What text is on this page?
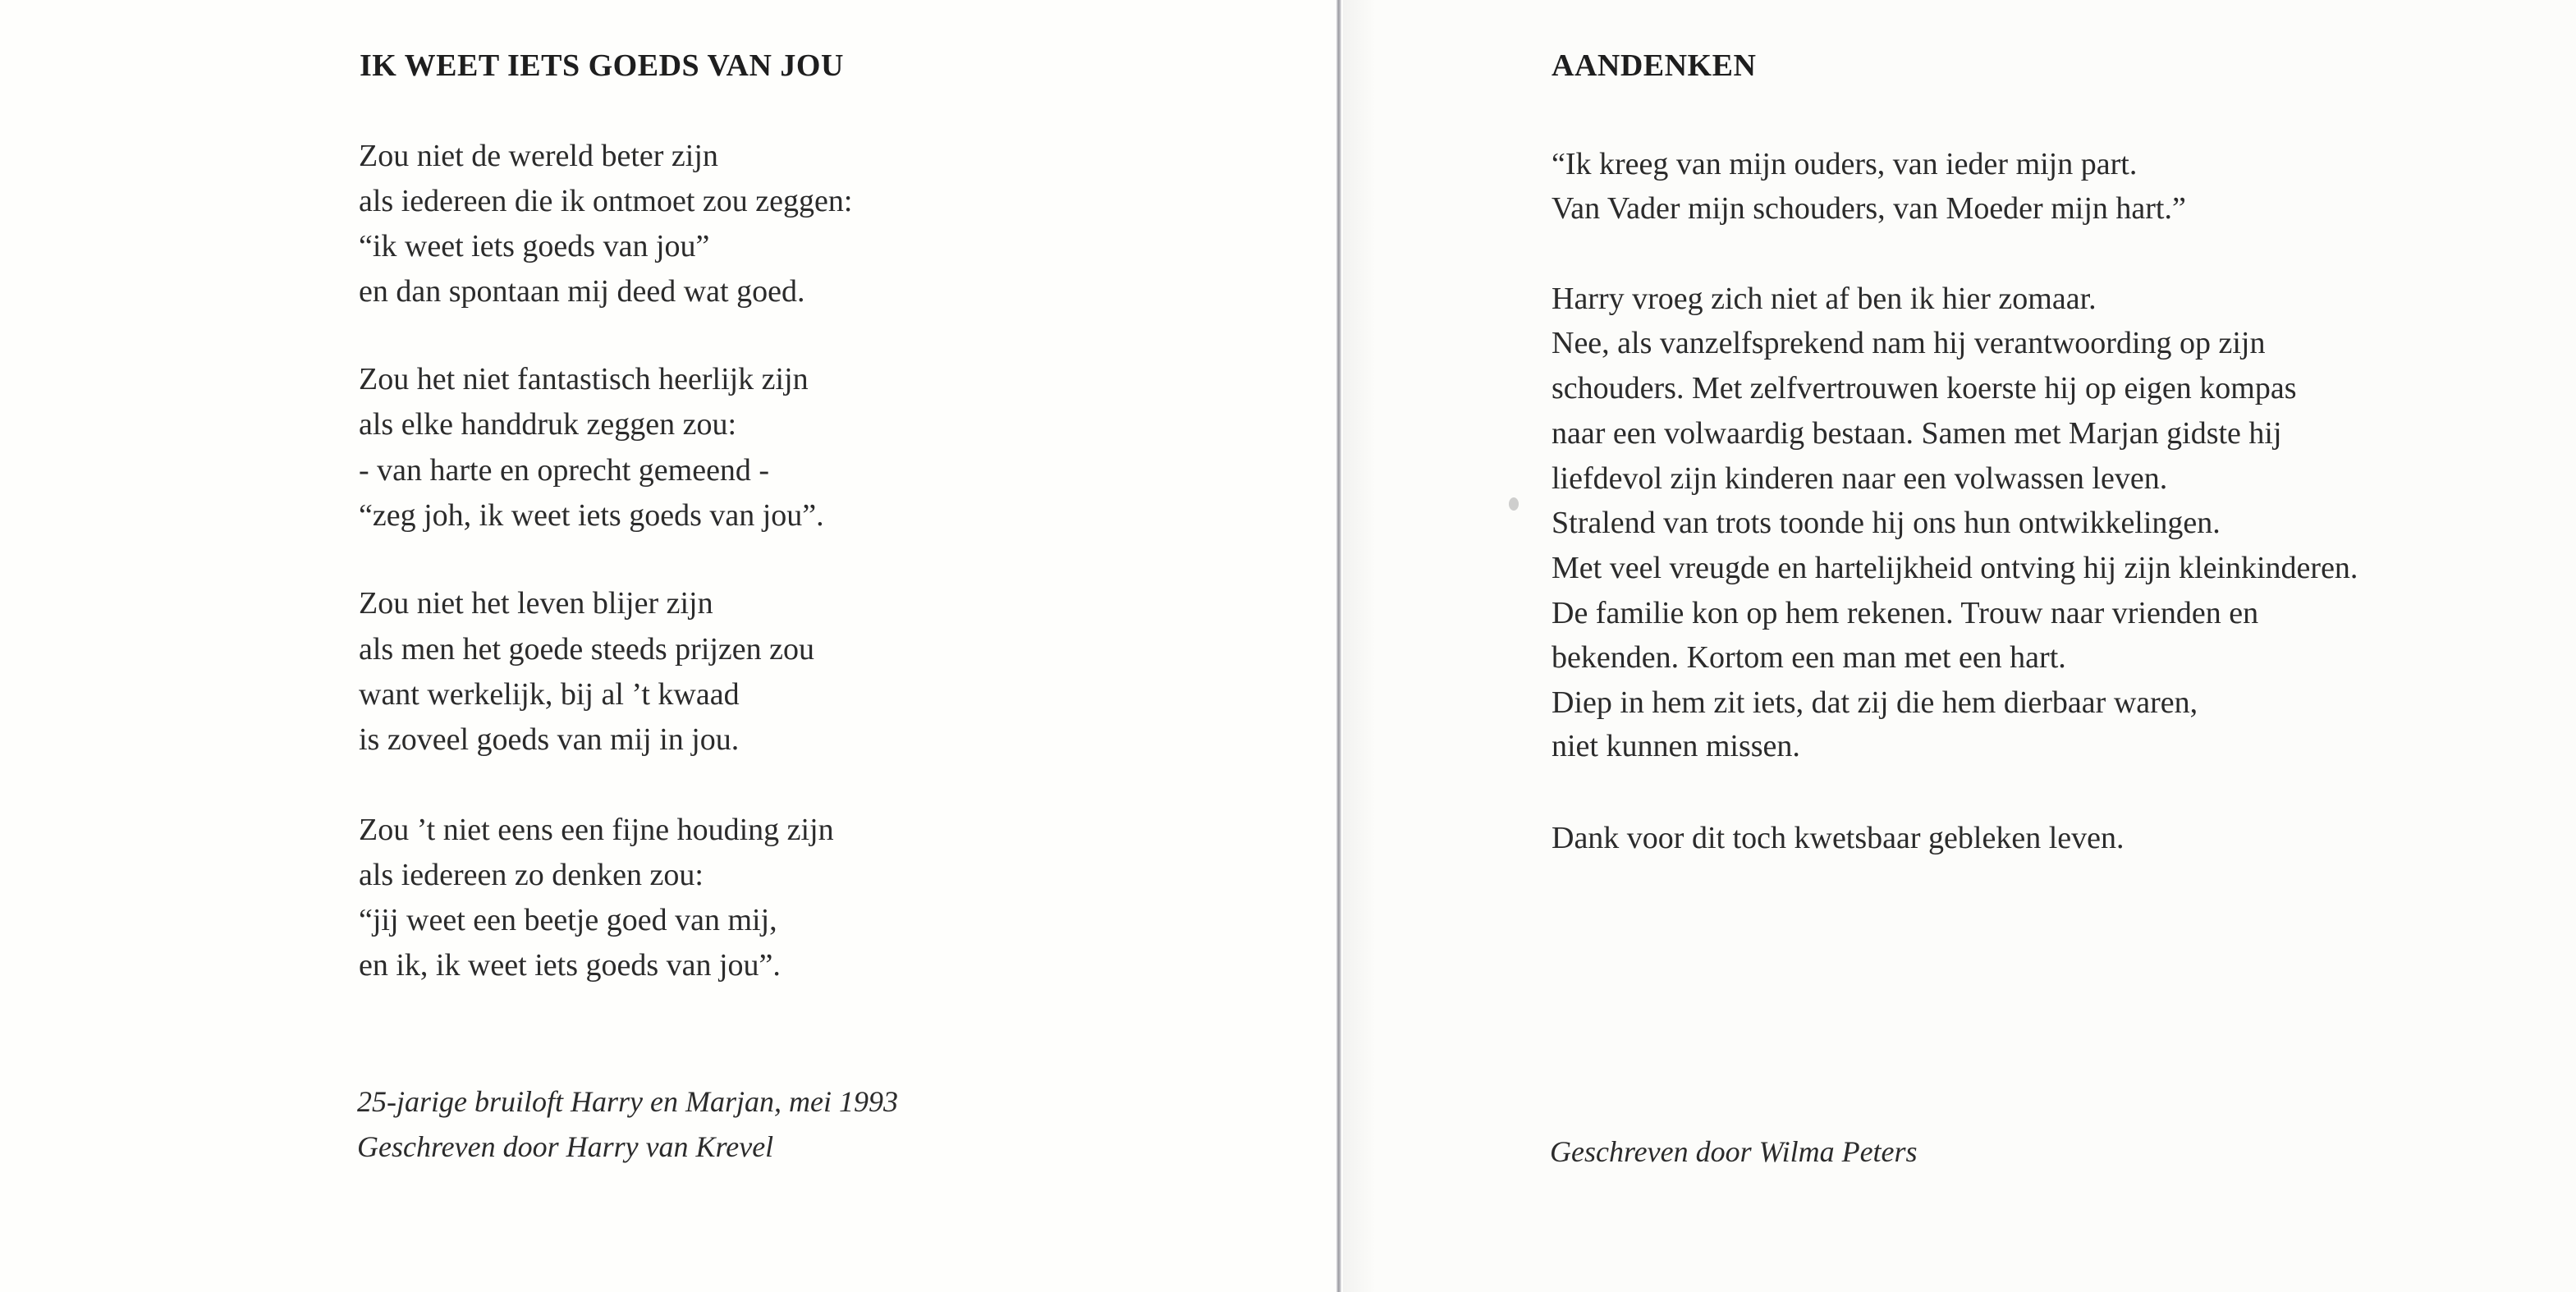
IK WEET IETS GOEDS VAN JOU
Zou niet de wereld beter zijn
als iedereen die ik ontmoet zou zeggen:
“ik weet iets goeds van jou”
en dan spontaan mij deed wat goed.
Zou het niet fantastisch heerlijk zijn
als elke handdruk zeggen zou:
- van harte en oprecht gemeend -
“zeg joh, ik weet iets goeds van jou”.
Zou niet het leven blijer zijn
als men het goede steeds prijzen zou
want werkelijk, bij al ’t kwaad
is zoveel goeds van mij in jou.
Zou ’t niet eens een fijne houding zijn
als iedereen zo denken zou:
“jij weet een beetje goed van mij,
en ik, ik weet iets goeds van jou”.
25-jarige bruiloft Harry en Marjan, mei 1993
Geschreven door Harry van Krevel
AANDENKEN
“Ik kreeg van mijn ouders, van ieder mijn part.
Van Vader mijn schouders, van Moeder mijn hart.”
Harry vroeg zich niet af ben ik hier zomaar.
Nee, als vanzelfsprekend nam hij verantwoording op zijn
schouders. Met zelfvertrouwen koerste hij op eigen kompas
naar een volwaardig bestaan. Samen met Marjan gidste hij
liefdevol zijn kinderen naar een volwassen leven.
Stralend van trots toonde hij ons hun ontwikkelingen.
Met veel vreugde en hartelijkheid ontving hij zijn kleinkinderen.
De familie kon op hem rekenen. Trouw naar vrienden en
bekenden. Kortom een man met een hart.
Diep in hem zit iets, dat zij die hem dierbaar waren,
niet kunnen missen.
Dank voor dit toch kwetsbaar gebleken leven.
Geschreven door Wilma Peters
